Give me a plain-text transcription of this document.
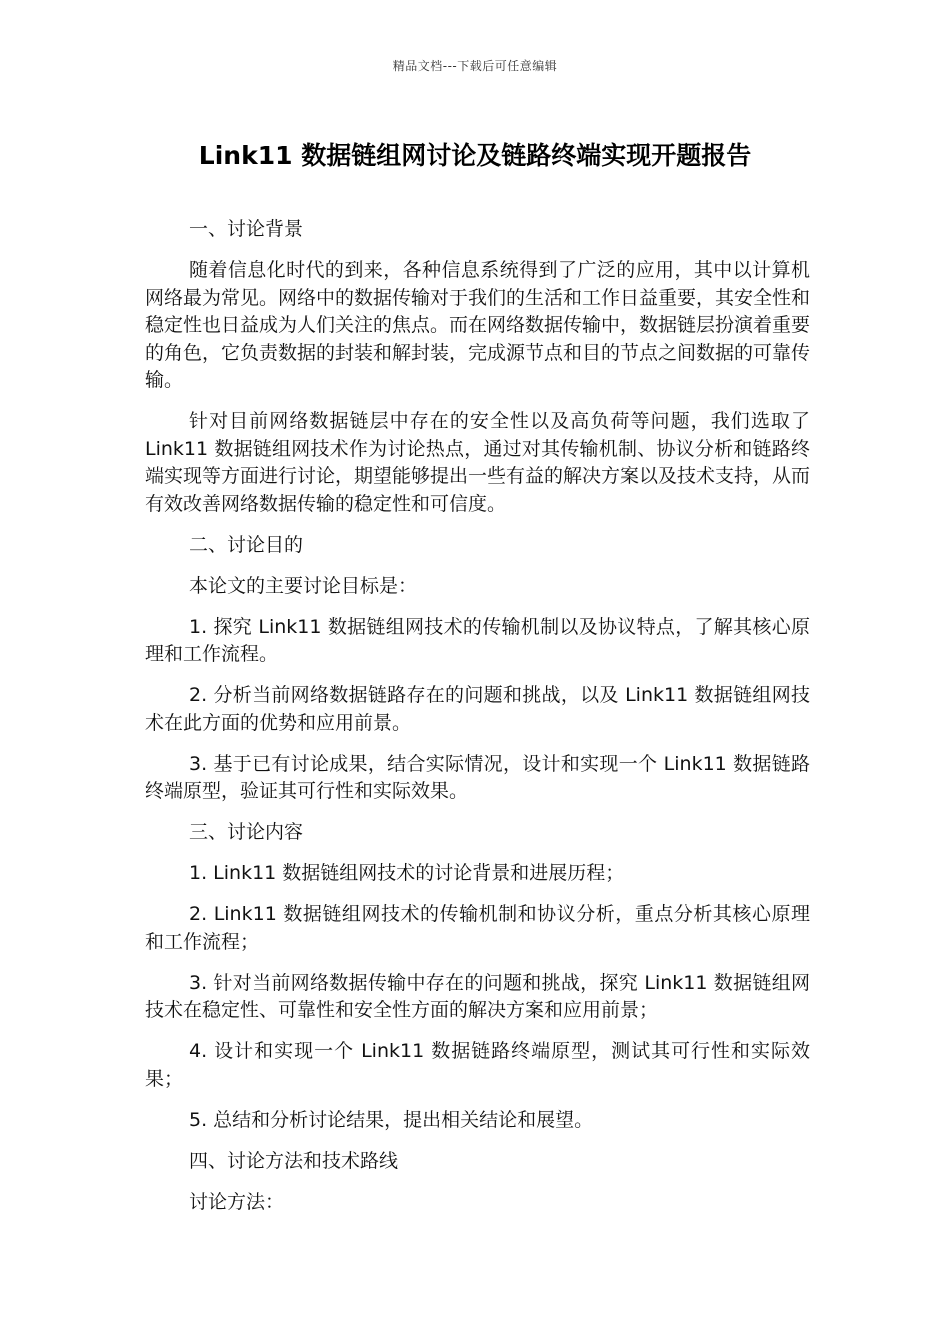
精品文档---下载后可任意编辑
Link11 数据链组网讨论及链路终端实现开题报告

一、讨论背景

随着信息化时代的到来，各种信息系统得到了广泛的应用，其中以计算机网络最为常见。网络中的数据传输对于我们的生活和工作日益重要，其安全性和稳定性也日益成为人们关注的焦点。而在网络数据传输中，数据链层扮演着重要的角色，它负责数据的封装和解封装，完成源节点和目的节点之间数据的可靠传输。

针对目前网络数据链层中存在的安全性以及高负荷等问题，我们选取了 Link11 数据链组网技术作为讨论热点，通过对其传输机制、协议分析和链路终端实现等方面进行讨论，期望能够提出一些有益的解决方案以及技术支持，从而有效改善网络数据传输的稳定性和可信度。

二、讨论目的

本论文的主要讨论目标是：

1. 探究 Link11 数据链组网技术的传输机制以及协议特点，了解其核心原理和工作流程。

2. 分析当前网络数据链路存在的问题和挑战，以及 Link11 数据链组网技术在此方面的优势和应用前景。

3. 基于已有讨论成果，结合实际情况，设计和实现一个 Link11 数据链路终端原型，验证其可行性和实际效果。

三、讨论内容

1. Link11 数据链组网技术的讨论背景和进展历程；

2. Link11 数据链组网技术的传输机制和协议分析，重点分析其核心原理和工作流程；

3. 针对当前网络数据传输中存在的问题和挑战，探究 Link11 数据链组网技术在稳定性、可靠性和安全性方面的解决方案和应用前景；

4. 设计和实现一个 Link11 数据链路终端原型，测试其可行性和实际效果；

5. 总结和分析讨论结果，提出相关结论和展望。

四、讨论方法和技术路线

讨论方法：
